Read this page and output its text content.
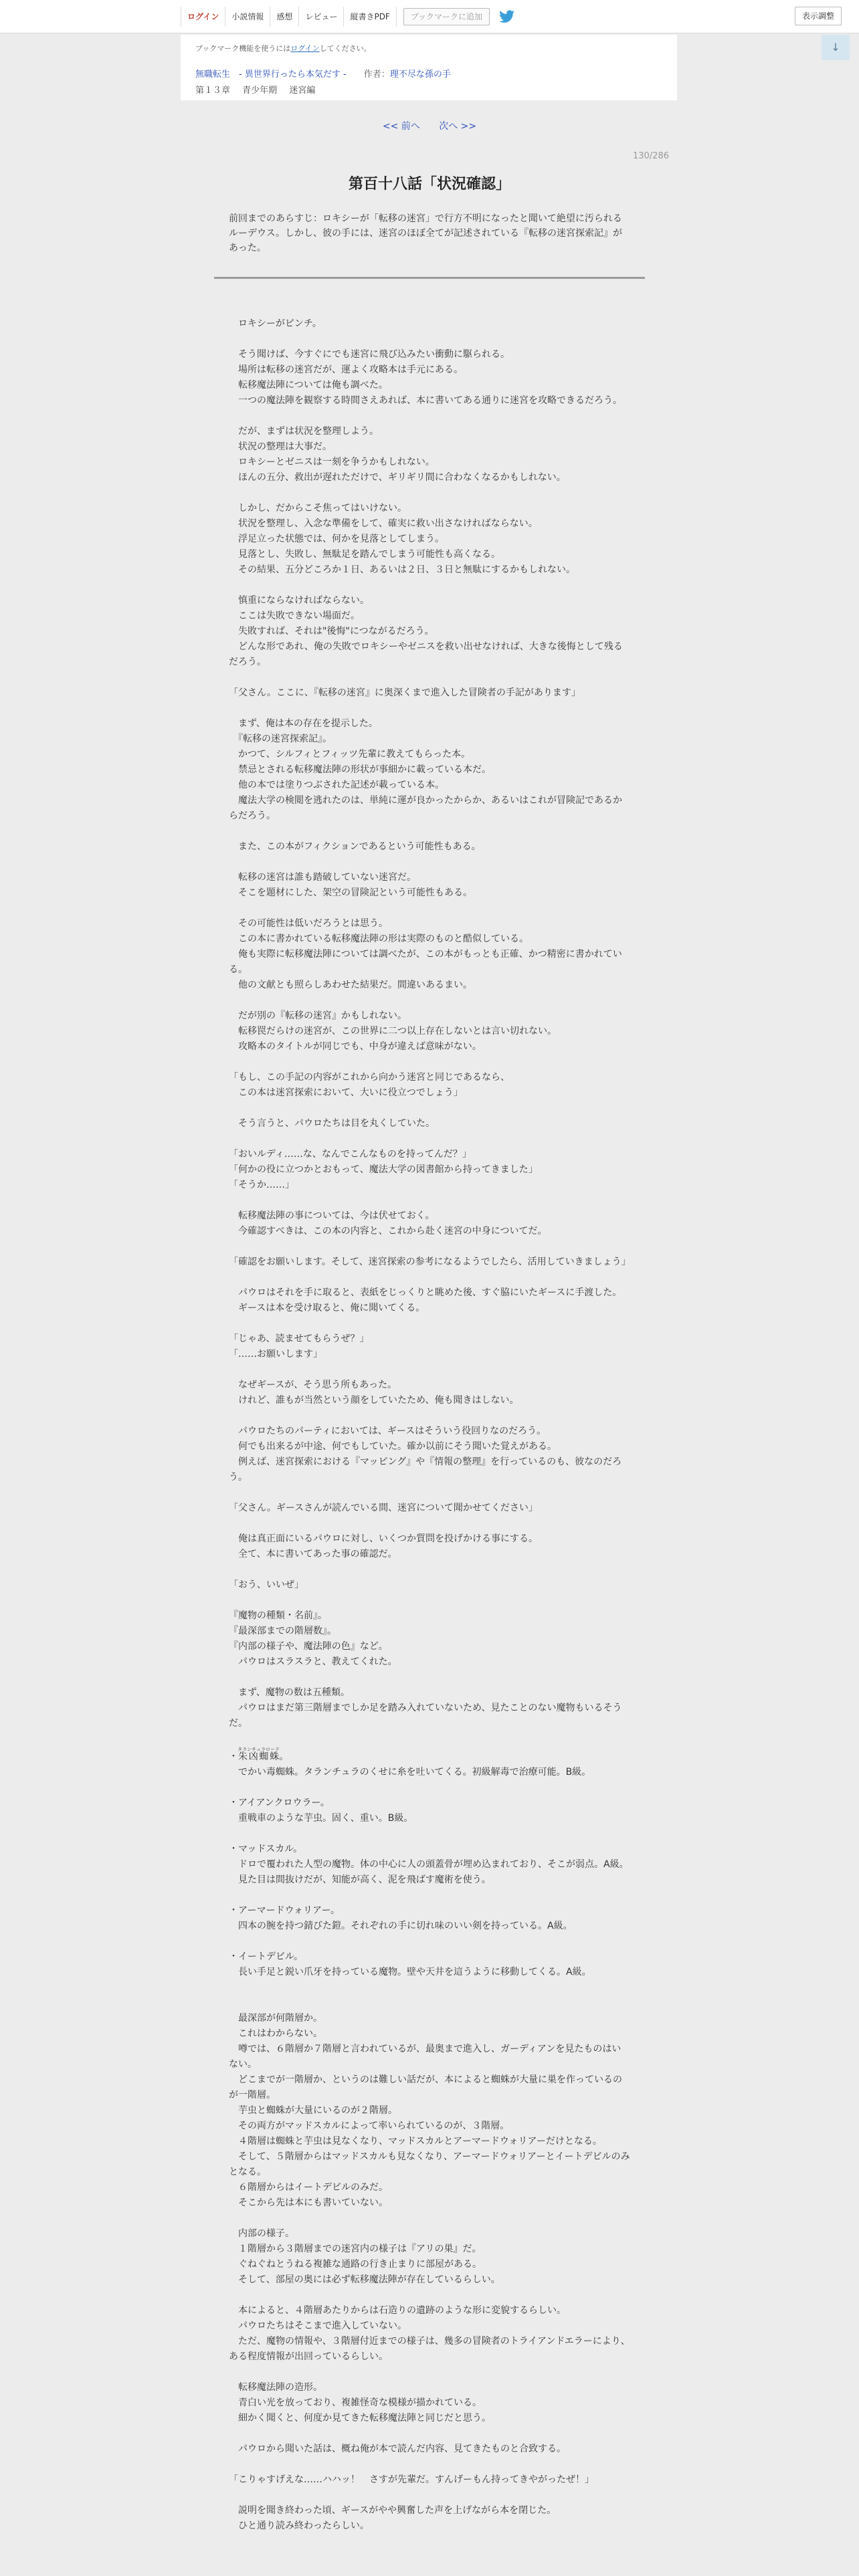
ログイン	小説情報	感想	レビュー	縦書きPDF	ブックマークに追加	表示調整
ブックマーク機能を使うにはログインしてください。
無職転生　- 異世界行ったら本気だす - 作者：理不尽な孫の手
第１３章 青少年期 迷宮編
↓
<< 前へ 次へ >>
130/286
第百十八話「状況確認」
前回までのあらすじ：ロキシーが「転移の迷宮」で行方不明になったと聞いて絶望に汚られるルーデウス。しかし、彼の手には、迷宮のほぼ全てが記述されている『転移の迷宮探索記』があった。

　ロキシーがピンチ。

　そう聞けば、今すぐにでも迷宮に飛び込みたい衝動に駆られる。

　場所は転移の迷宮だが、運よく攻略本は手元にある。

　転移魔法陣については俺も調べた。

　一つの魔法陣を観察する時間さえあれば、本に書いてある通りに迷宮を攻略できるだろう。

　だが、まずは状況を整理しよう。

　状況の整理は大事だ。

　ロキシーとゼニスは一刻を争うかもしれない。

　ほんの五分、救出が遅れただけで、ギリギリ間に合わなくなるかもしれない。

　しかし、だからこそ焦ってはいけない。

　状況を整理し、入念な準備をして、確実に救い出さなければならない。

　浮足立った状態では、何かを見落としてしまう。

　見落とし、失敗し、無駄足を踏んでしまう可能性も高くなる。

　その結果、五分どころか１日、あるいは２日、３日と無駄にするかもしれない。

　慎重にならなければならない。

　ここは失敗できない場面だ。

　失敗すれば、それは"後悔"につながるだろう。

　どんな形であれ、俺の失敗でロキシーやゼニスを救い出せなければ、大きな後悔として残るだろう。

「父さん。ここに、『転移の迷宮』に奥深くまで進入した冒険者の手記があります」

　まず、俺は本の存在を提示した。

　『転移の迷宮探索記』。

　かつて、シルフィとフィッツ先輩に教えてもらった本。

　禁忌とされる転移魔法陣の形状が事細かに載っている本だ。

　他の本では塗りつぶされた記述が載っている本。

　魔法大学の検閲を逃れたのは、単純に運が良かったからか、あるいはこれが冒険記であるからだろう。

　また、この本がフィクションであるという可能性もある。

　転移の迷宮は誰も踏破していない迷宮だ。

　そこを題材にした、架空の冒険記という可能性もある。

　その可能性は低いだろうとは思う。

　この本に書かれている転移魔法陣の形は実際のものと酷似している。

　俺も実際に転移魔法陣については調べたが、この本がもっとも正確、かつ精密に書かれている。

　他の文献とも照らしあわせた結果だ。間違いあるまい。

　だが別の『転移の迷宮』かもしれない。

　転移罠だらけの迷宮が、この世界に二つ以上存在しないとは言い切れない。

　攻略本のタイトルが同じでも、中身が違えば意味がない。

「もし、この手記の内容がこれから向かう迷宮と同じであるなら、

　この本は迷宮探索において、大いに役立つでしょう」

　そう言うと、パウロたちは目を丸くしていた。

「おいルディ……な、なんでこんなものを持ってんだ？」

「何かの役に立つかとおもって、魔法大学の図書館から持ってきました」

「そうか……」

　転移魔法陣の事については、今は伏せておく。

　今確認すべきは、この本の内容と、これから赴く迷宮の中身についてだ。

「確認をお願いします。そして、迷宮探索の参考になるようでしたら、活用していきましょう」

　パウロはそれを手に取ると、表紙をじっくりと眺めた後、すぐ脇にいたギースに手渡した。

　ギースは本を受け取ると、俺に聞いてくる。

「じゃあ、読ませてもらうぜ？」

「……お願いします」

　なぜギースが、そう思う所もあった。

　けれど、誰もが当然という顔をしていたため、俺も聞きはしない。

　パウロたちのパーティにおいては、ギースはそういう役回りなのだろう。

　何でも出来るが中途、何でもしていた。確か以前にそう聞いた覚えがある。

　例えば、迷宮探索における『マッピング』や『情報の整理』を行っているのも、彼なのだろう。

「父さん。ギースさんが読んでいる間、迷宮について聞かせてください」

　俺は真正面にいるパウロに対し、いくつか質問を投げかける事にする。

　全て、本に書いてあった事の確認だ。

「おう、いいぜ」

『魔物の種類・名前』。

『最深部までの階層数』。

『内部の様子や、魔法陣の色』など。

　パウロはスラスラと、教えてくれた。

　まず、魔物の数は五種類。

　パウロはまだ第三階層までしか足を踏み入れていないため、見たことのない魔物もいるそうだ。

・朱凶蜘蛛タランチュラロード。

　でかい毒蜘蛛。タランチュラのくせに糸を吐いてくる。初級解毒で治療可能。B級。

・アイアンクロウラー。

　重戦車のような芋虫。固く、重い。B級。

・マッドスカル。

　ドロで覆われた人型の魔物。体の中心に人の頭蓋骨が埋め込まれており、そこが弱点。A級。

　見た目は間抜けだが、知能が高く、泥を飛ばす魔術を使う。

・アーマードウォリアー。

　四本の腕を持つ錆びた鎧。それぞれの手に切れ味のいい剣を持っている。A級。

・イートデビル。

　長い手足と鋭い爪牙を持っている魔物。壁や天井を這うように移動してくる。A級。

　最深部が何階層か。

　これはわからない。

　噂では、６階層か７階層と言われているが、最奥まで進入し、ガーディアンを見たものはいない。

　どこまでが一階層か、というのは難しい話だが、本によると蜘蛛が大量に巣を作っているのが一階層。

　芋虫と蜘蛛が大量にいるのが２階層。

　その両方がマッドスカルによって率いられているのが、３階層。

　４階層は蜘蛛と芋虫は見なくなり、マッドスカルとアーマードウォリアーだけとなる。

　そして、５階層からはマッドスカルも見なくなり、アーマードウォリアーとイートデビルのみとなる。

　６階層からはイートデビルのみだ。

　そこから先は本にも書いていない。

　内部の様子。

　１階層から３階層までの迷宮内の様子は『アリの巣』だ。

　ぐねぐねとうねる複雑な通路の行き止まりに部屋がある。

　そして、部屋の奥には必ず転移魔法陣が存在しているらしい。

　本によると、４階層あたりからは石造りの遺跡のような形に変貌するらしい。

　パウロたちはそこまで進入していない。

　ただ、魔物の情報や、３階層付近までの様子は、幾多の冒険者のトライアンドエラーにより、ある程度情報が出回っているらしい。

　転移魔法陣の造形。

　青白い光を放っており、複雑怪奇な模様が描かれている。

　細かく聞くと、何度か見てきた転移魔法陣と同じだと思う。

　パウロから聞いた話は、概ね俺が本で読んだ内容、見てきたものと合致する。

「こりゃすげえな……ハハッ！　さすが先輩だ。すんげーもん持ってきやがったぜ！」

　説明を聞き終わった頃、ギースがやや興奮した声を上げながら本を閉じた。

　ひと通り読み終わったらしい。
